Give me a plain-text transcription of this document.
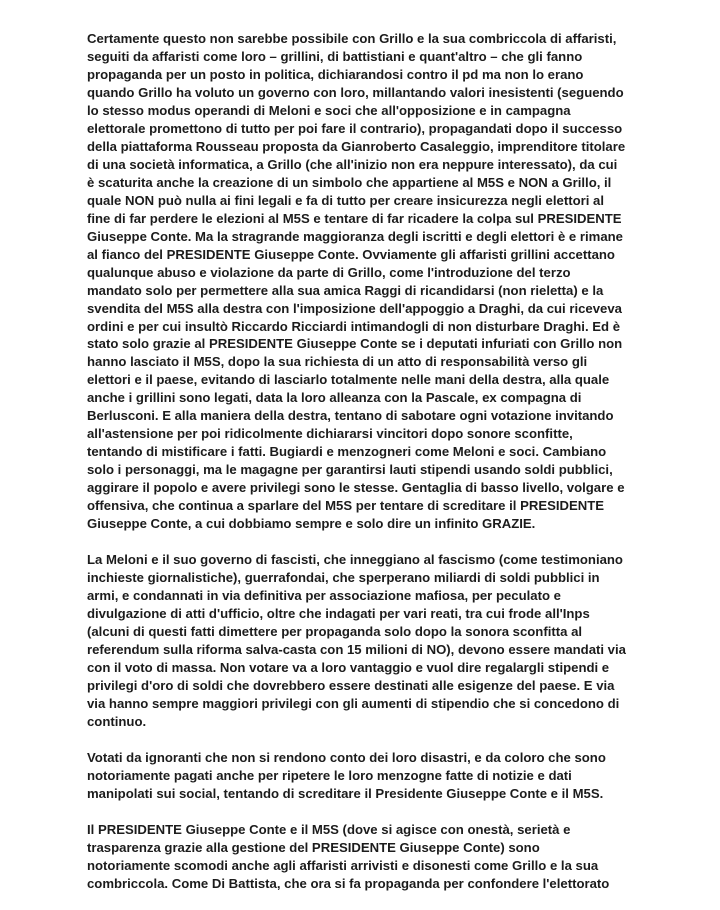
Certamente questo non sarebbe possibile con Grillo e la sua combriccola di affaristi,
seguiti da affaristi come loro – grillini, di battistiani e quant'altro – che gli fanno
propaganda per un posto in politica, dichiarandosi contro il pd ma non lo erano
quando Grillo ha voluto un governo con loro, millantando valori inesistenti (seguendo
lo stesso modus operandi di Meloni e soci che all'opposizione e in campagna
elettorale promettono di tutto per poi fare il contrario), propagandati dopo il successo
della piattaforma Rousseau proposta da Gianroberto Casaleggio, imprenditore titolare
di una società informatica, a Grillo (che all'inizio non era neppure interessato), da cui
è scaturita anche la creazione di un simbolo che appartiene al M5S e NON a Grillo, il
quale NON può nulla ai fini legali e fa di tutto per creare insicurezza negli elettori al
fine di far perdere le elezioni al M5S e tentare di far ricadere la colpa sul PRESIDENTE
Giuseppe Conte. Ma la stragrande maggioranza degli iscritti e degli elettori è e rimane
al fianco del PRESIDENTE Giuseppe Conte. Ovviamente gli affaristi grillini accettano
qualunque abuso e violazione da parte di Grillo, come l'introduzione del terzo
mandato solo per permettere alla sua amica Raggi di ricandidarsi (non rieletta) e la
svendita del M5S alla destra con l'imposizione dell'appoggio a Draghi, da cui riceveva
ordini e per cui insultò Riccardo Ricciardi intimandogli di non disturbare Draghi. Ed è
stato solo grazie al PRESIDENTE Giuseppe Conte se i deputati infuriati con Grillo non
hanno lasciato il M5S, dopo la sua richiesta di un atto di responsabilità verso gli
elettori e il paese, evitando di lasciarlo totalmente nelle mani della destra, alla quale
anche i grillini sono legati, data la loro alleanza con la Pascale, ex compagna di
Berlusconi. E alla maniera della destra, tentano di sabotare ogni votazione invitando
all'astensione per poi ridicolmente dichiararsi vincitori dopo sonore sconfitte,
tentando di mistificare i fatti. Bugiardi e menzogneri come Meloni e soci. Cambiano
solo i personaggi, ma le magagne per garantirsi lauti stipendi usando soldi pubblici,
aggirare il popolo e avere privilegi sono le stesse. Gentaglia di basso livello, volgare e
offensiva, che continua a sparlare del M5S per tentare di screditare il PRESIDENTE
Giuseppe Conte, a cui dobbiamo sempre e solo dire un infinito GRAZIE.
La Meloni e il suo governo di fascisti, che inneggiano al fascismo (come testimoniano
inchieste giornalistiche), guerrafondai, che sperperano miliardi di soldi pubblici in
armi, e condannati in via definitiva per associazione mafiosa, per peculato e
divulgazione di atti d'ufficio, oltre che indagati per vari reati, tra cui frode all'Inps
(alcuni di questi fatti dimettere per propaganda solo dopo la sonora sconfitta al
referendum sulla riforma salva-casta con 15 milioni di NO), devono essere mandati via
con il voto di massa. Non votare va a loro vantaggio e vuol dire regalargli stipendi e
privilegi d'oro di soldi che dovrebbero essere destinati alle esigenze del paese. E via
via hanno sempre maggiori privilegi con gli aumenti di stipendio che si concedono di
continuo.
Votati da ignoranti che non si rendono conto dei loro disastri, e da coloro che sono
notoriamente pagati anche per ripetere le loro menzogne fatte di notizie e dati
manipolati sui social, tentando di screditare il Presidente Giuseppe Conte e il M5S.
Il PRESIDENTE Giuseppe Conte e il M5S (dove si agisce con onestà, serietà e
trasparenza grazie alla gestione del PRESIDENTE Giuseppe Conte) sono
notoriamente scomodi anche agli affaristi arrivisti e disonesti come Grillo e la sua
combriccola. Come Di Battista, che ora si fa propaganda per confondere l'elettorato
